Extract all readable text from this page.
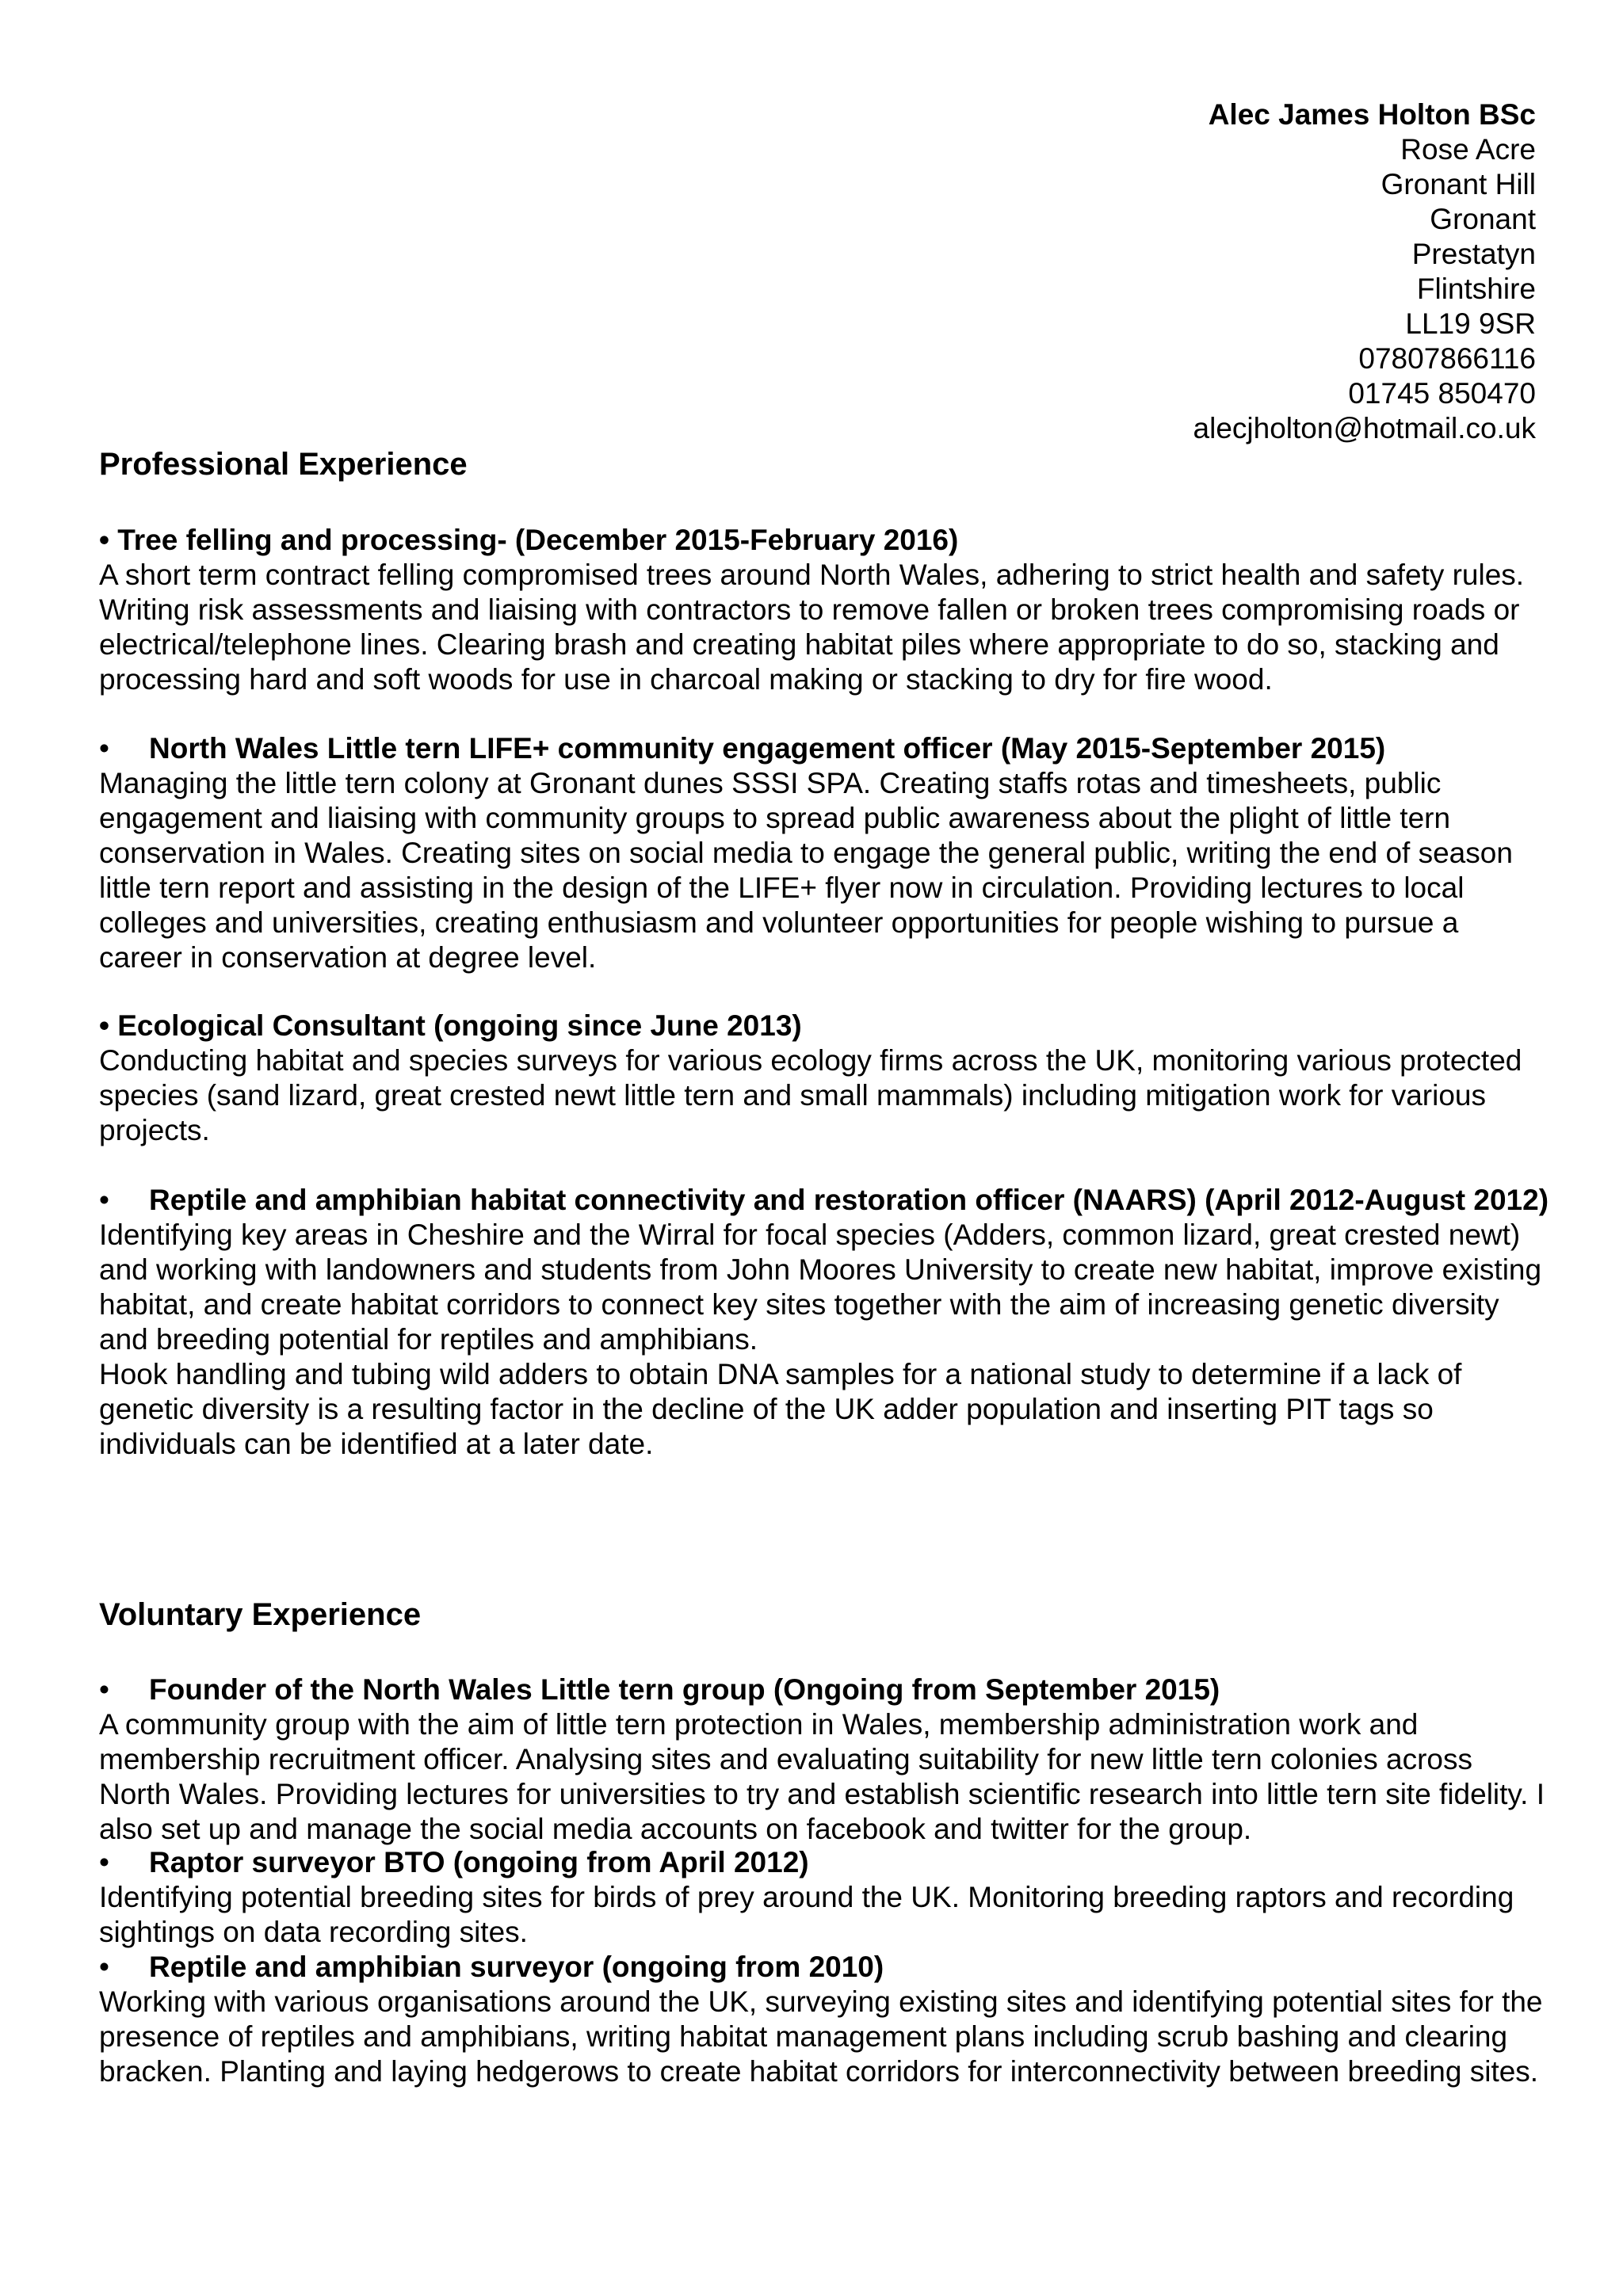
Alec James Holton BSc
Rose Acre
Gronant Hill
Gronant
Prestatyn
Flintshire
LL19 9SR
07807866116
01745 850470
alecjholton@hotmail.co.uk
Professional Experience
• Tree felling and processing- (December 2015-February 2016)
A short term contract felling compromised trees around North Wales, adhering to strict health and safety rules. Writing risk assessments and liaising with contractors to remove fallen or broken trees compromising roads or electrical/telephone lines. Clearing brash and creating habitat piles where appropriate to do so, stacking and processing hard and soft woods for use in charcoal making or stacking to dry for fire wood.
• North Wales Little tern LIFE+ community engagement officer (May 2015-September 2015)
Managing the little tern colony at Gronant dunes SSSI SPA. Creating staffs rotas and timesheets, public engagement and liaising with community groups to spread public awareness about the plight of little tern conservation in Wales. Creating sites on social media to engage the general public, writing the end of season little tern report and assisting in the design of the LIFE+ flyer now in circulation. Providing lectures to local colleges and universities, creating enthusiasm and volunteer opportunities for people wishing to pursue a career in conservation at degree level.
• Ecological Consultant (ongoing since June 2013)
Conducting habitat and species surveys for various ecology firms across the UK, monitoring various protected species (sand lizard, great crested newt little tern and small mammals) including mitigation work for various projects.
• Reptile and amphibian habitat connectivity and restoration officer (NAARS) (April 2012-August 2012)
Identifying key areas in Cheshire and the Wirral for focal species (Adders, common lizard, great crested newt) and working with landowners and students from John Moores University to create new habitat, improve existing habitat, and create habitat corridors to connect key sites together with the aim of increasing genetic diversity and breeding potential for reptiles and amphibians.
Hook handling and tubing wild adders to obtain DNA samples for a national study to determine if a lack of genetic diversity is a resulting factor in the decline of the UK adder population and inserting PIT tags so individuals can be identified at a later date.
Voluntary Experience
• Founder of the North Wales Little tern group (Ongoing from September 2015)
A community group with the aim of little tern protection in Wales, membership administration work and membership recruitment officer. Analysing sites and evaluating suitability for new little tern colonies across North Wales. Providing lectures for universities to try and establish scientific research into little tern site fidelity. I also set up and manage the social media accounts on facebook and twitter for the group.
• Raptor surveyor BTO (ongoing from April 2012)
Identifying potential breeding sites for birds of prey around the UK. Monitoring breeding raptors and recording sightings on data recording sites.
• Reptile and amphibian surveyor (ongoing from 2010)
Working with various organisations around the UK, surveying existing sites and identifying potential sites for the presence of reptiles and amphibians, writing habitat management plans including scrub bashing and clearing bracken. Planting and laying hedgerows to create habitat corridors for interconnectivity between breeding sites.
